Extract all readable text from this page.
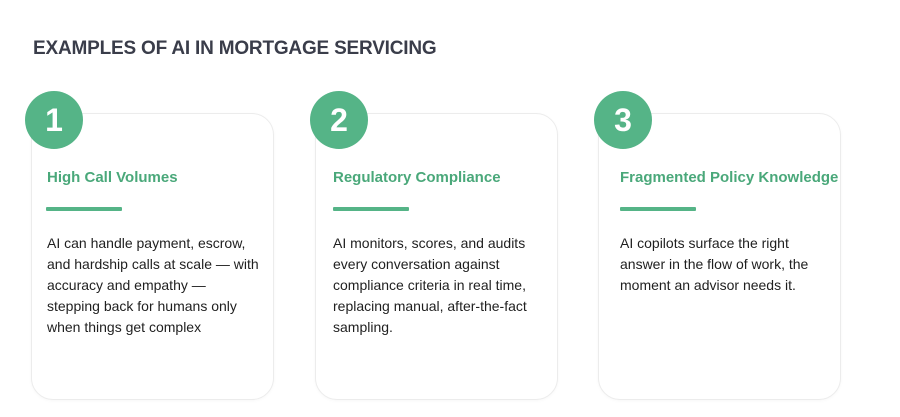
EXAMPLES OF AI IN MORTGAGE SERVICING
1
High Call Volumes
AI can handle payment, escrow, and hardship calls at scale — with accuracy and empathy — stepping back for humans only when things get complex
2
Regulatory Compliance
AI monitors, scores, and audits every conversation against compliance criteria in real time, replacing manual, after-the-fact sampling.
3
Fragmented Policy Knowledge
AI copilots surface the right answer in the flow of work, the moment an advisor needs it.
